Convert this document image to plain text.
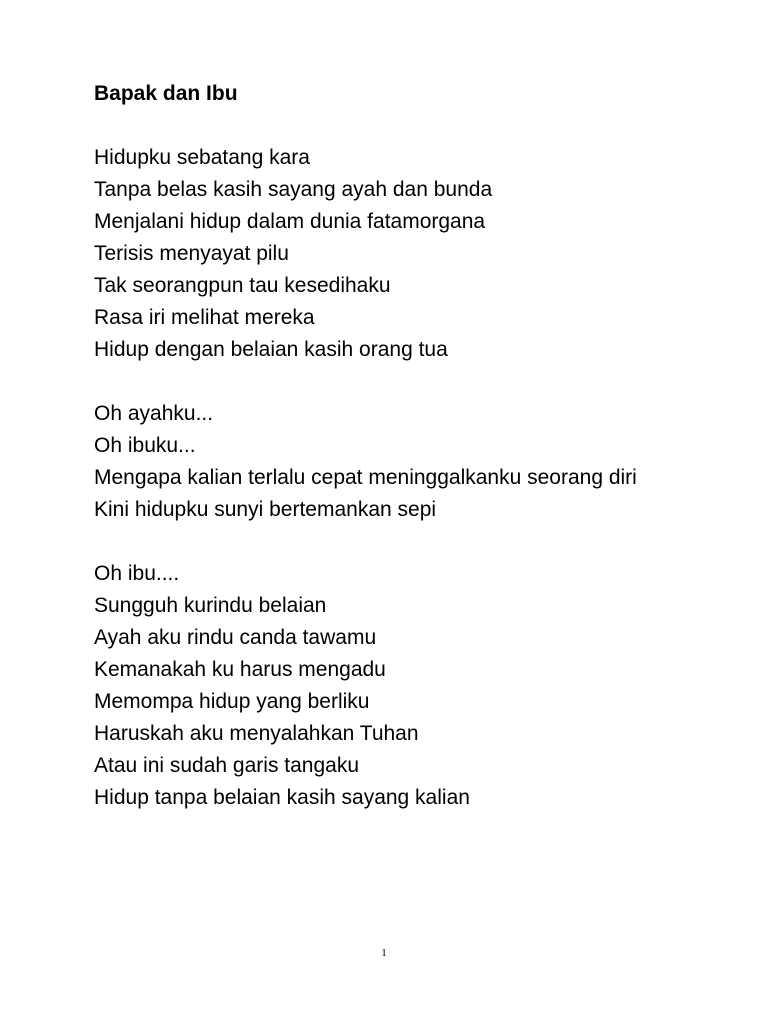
Bapak dan Ibu
Hidupku sebatang kara
Tanpa belas kasih sayang ayah dan bunda
Menjalani hidup dalam dunia fatamorgana
Terisis menyayat pilu
Tak seorangpun tau kesedihaku
Rasa iri melihat mereka
Hidup dengan belaian kasih orang tua
Oh ayahku...
Oh ibuku...
Mengapa kalian terlalu cepat meninggalkanku seorang diri
Kini hidupku sunyi bertemankan sepi
Oh ibu....
Sungguh kurindu belaian
Ayah aku rindu canda tawamu
Kemanakah ku harus mengadu
Memompa hidup yang berliku
Haruskah aku menyalahkan Tuhan
Atau ini sudah garis tangaku
Hidup tanpa belaian kasih sayang kalian
1
